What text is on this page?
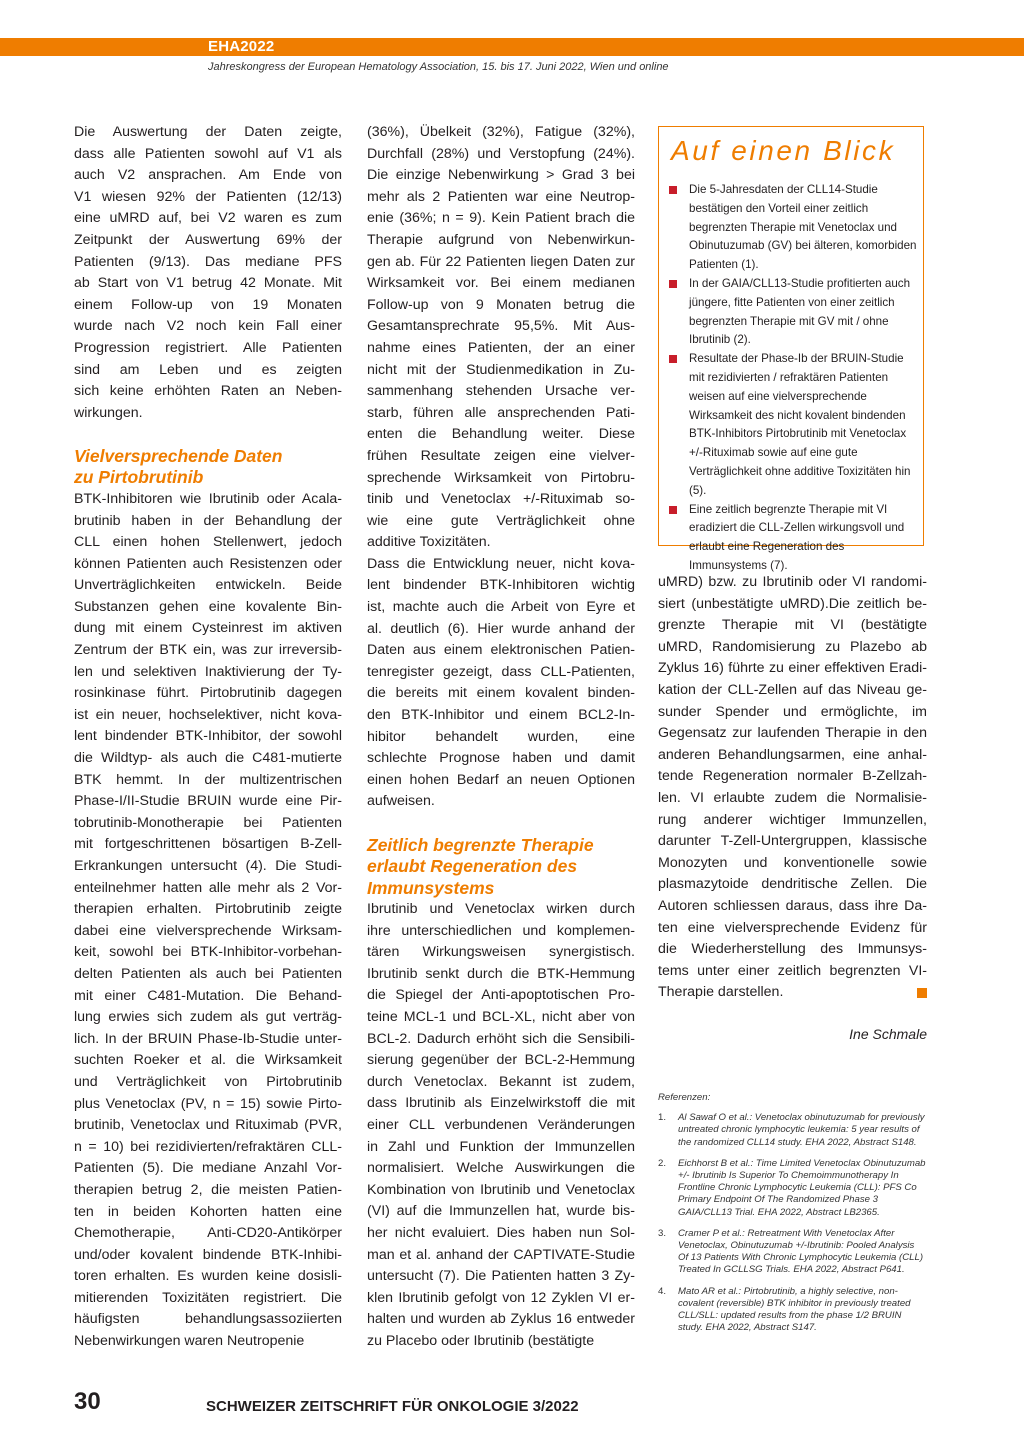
EHA2022
Jahreskongress der European Hematology Association, 15. bis 17. Juni 2022, Wien und online
Die Auswertung der Daten zeigte,
dass alle Patienten sowohl auf V1 als
auch V2 ansprachen. Am Ende von
V1 wiesen 92% der Patienten (12/13)
eine uMRD auf, bei V2 waren es zum
Zeitpunkt der Auswertung 69% der
Patienten (9/13). Das mediane PFS
ab Start von V1 betrug 42 Monate. Mit
einem Follow-up von 19 Monaten
wurde nach V2 noch kein Fall einer
Progression registriert. Alle Patienten
sind am Leben und es zeigten
sich keine erhöhten Raten an Neben-
wirkungen.

Vielversprechende Daten
zu Pirtobrutinib

BTK-Inhibitoren wie Ibrutinib oder Acala-
brutinib haben in der Behandlung der
CLL einen hohen Stellenwert, jedoch
können Patienten auch Resistenzen oder
Unverträglichkeiten entwickeln. Beide
Substanzen gehen eine kovalente Bin-
dung mit einem Cysteinrest im aktiven
Zentrum der BTK ein, was zur irreversib-
len und selektiven Inaktivierung der Ty-
rosinkinase führt. Pirtobrutinib dagegen
ist ein neuer, hochselektiver, nicht kova-
lent bindender BTK-Inhibitor, der sowohl
die Wildtyp- als auch die C481-mutierte
BTK hemmt. In der multizentrischen
Phase-I/II-Studie BRUIN wurde eine Pir-
tobrutinib-Monotherapie bei Patienten
mit fortgeschrittenen bösartigen B-Zell-
Erkrankungen untersucht (4). Die Studi-
enteilnehmer hatten alle mehr als 2 Vor-
therapien erhalten. Pirtobrutinib zeigte
dabei eine vielversprechende Wirksam-
keit, sowohl bei BTK-Inhibitor-vorbehan-
delten Patienten als auch bei Patienten
mit einer C481-Mutation. Die Behand-
lung erwies sich zudem als gut verträg-
lich. In der BRUIN Phase-Ib-Studie unter-
suchten Roeker et al. die Wirksamkeit
und Verträglichkeit von Pirtobrutinib
plus Venetoclax (PV, n = 15) sowie Pirto-
brutinib, Venetoclax und Rituximab (PVR,
n = 10) bei rezidivierten/refraktären CLL-
Patienten (5). Die mediane Anzahl Vor-
therapien betrug 2, die meisten Patien-
ten in beiden Kohorten hatten eine
Chemotherapie, Anti-CD20-Antikörper
und/oder kovalent bindende BTK-Inhibi-
toren erhalten. Es wurden keine dosisli-
mitierenden Toxizitäten registriert. Die
häufigsten behandlungsassoziierten
Nebenwirkungen waren Neutropenie
(36%), Übelkeit (32%), Fatigue (32%),
Durchfall (28%) und Verstopfung (24%).
Die einzige Nebenwirkung > Grad 3 bei
mehr als 2 Patienten war eine Neutrop-
enie (36%; n = 9). Kein Patient brach die
Therapie aufgrund von Nebenwirkun-
gen ab. Für 22 Patienten liegen Daten zur
Wirksamkeit vor. Bei einem medianen
Follow-up von 9 Monaten betrug die
Gesamtansprechrate 95,5%. Mit Aus-
nahme eines Patienten, der an einer
nicht mit der Studienmedikation in Zu-
sammenhang stehenden Ursache ver-
starb, führen alle ansprechenden Pati-
enten die Behandlung weiter. Diese
frühen Resultate zeigen eine vielver-
sprechende Wirksamkeit von Pirtobru-
tinib und Venetoclax +/-Rituximab so-
wie eine gute Verträglichkeit ohne
additive Toxizitäten.
Dass die Entwicklung neuer, nicht kova-
lent bindender BTK-Inhibitoren wichtig
ist, machte auch die Arbeit von Eyre et
al. deutlich (6). Hier wurde anhand der
Daten aus einem elektronischen Patien-
tenregister gezeigt, dass CLL-Patienten,
die bereits mit einem kovalent binden-
den BTK-Inhibitor und einem BCL2-In-
hibitor behandelt wurden, eine
schlechte Prognose haben und damit
einen hohen Bedarf an neuen Optionen
aufweisen.

Zeitlich begrenzte Therapie
erlaubt Regeneration des
Immunsystems

Ibrutinib und Venetoclax wirken durch
ihre unterschiedlichen und komplemen-
tären Wirkungsweisen synergistisch.
Ibrutinib senkt durch die BTK-Hemmung
die Spiegel der Anti-apoptotischen Pro-
teine MCL-1 und BCL-XL, nicht aber von
BCL-2. Dadurch erhöht sich die Sensibili-
sierung gegenüber der BCL-2-Hemmung
durch Venetoclax. Bekannt ist zudem,
dass Ibrutinib als Einzelwirkstoff die mit
einer CLL verbundenen Veränderungen
in Zahl und Funktion der Immunzellen
normalisiert. Welche Auswirkungen die
Kombination von Ibrutinib und Venetoclax
(VI) auf die Immunzellen hat, wurde bis-
her nicht evaluiert. Dies haben nun Sol-
man et al. anhand der CAPTIVATE-Studie
untersucht (7). Die Patienten hatten 3 Zy-
klen Ibrutinib gefolgt von 12 Zyklen VI er-
halten und wurden ab Zyklus 16 entweder
zu Placebo oder Ibrutinib (bestätigte
Auf einen Blick
Die 5-Jahresdaten der CLL14-Studie bestätigen den Vorteil einer zeitlich begrenzten Therapie mit Venetoclax und Obinutuzumab (GV) bei älteren, komorbiden Patienten (1).
In der GAIA/CLL13-Studie profitierten auch jüngere, fitte Patienten von einer zeitlich begrenzten Therapie mit GV mit / ohne Ibrutinib (2).
Resultate der Phase-Ib der BRUIN-Studie mit rezidivierten / refraktären Patienten weisen auf eine vielversprechende Wirksamkeit des nicht kovalent bindenden BTK-Inhibitors Pirtobrutinib mit Venetoclax +/-Rituximab sowie auf eine gute Verträglichkeit ohne additive Toxizitäten hin (5).
Eine zeitlich begrenzte Therapie mit VI eradiziert die CLL-Zellen wirkungsvoll und erlaubt eine Regeneration des Immunsystems (7).
uMRD) bzw. zu Ibrutinib oder VI randomi-
siert (unbestätigte uMRD).Die zeitlich be-
grenzte Therapie mit VI (bestätigte
uMRD, Randomisierung zu Plazebo ab
Zyklus 16) führte zu einer effektiven Eradi-
kation der CLL-Zellen auf das Niveau ge-
sunder Spender und ermöglichte, im
Gegensatz zur laufenden Therapie in den
anderen Behandlungsarmen, eine anhal-
tende Regeneration normaler B-Zellzah-
len. VI erlaubte zudem die Normalisie-
rung anderer wichtiger Immunzellen,
darunter T-Zell-Untergruppen, klassische
Monozyten und konventionelle sowie
plasmazytoide dendritische Zellen. Die
Autoren schliessen daraus, dass ihre Da-
ten eine vielversprechende Evidenz für
die Wiederherstellung des Immunsys-
tems unter einer zeitlich begrenzten VI-
Therapie darstellen.
Ine Schmale
Referenzen:
1. Al Sawaf O et al.: Venetoclax obinutuzumab for previously untreated chronic lymphocytic leukemia: 5 year results of the randomized CLL14 study. EHA 2022, Abstract S148.
2. Eichhorst B et al.: Time Limited Venetoclax Obinutuzumab +/- Ibrutinib Is Superior To Chemoimmunotherapy In Frontline Chronic Lymphocytic Leukemia (CLL): PFS Co Primary Endpoint Of The Randomized Phase 3 GAIA/CLL13 Trial. EHA 2022, Abstract LB2365.
3. Cramer P et al.: Retreatment With Venetoclax After Venetoclax, Obinutuzumab +/-Ibrutinib: Pooled Analysis Of 13 Patients With Chronic Lymphocytic Leukemia (CLL) Treated In GCLLSG Trials. EHA 2022, Abstract P641.
4. Mato AR et al.: Pirtobrutinib, a highly selective, non-covalent (reversible) BTK inhibitor in previously treated CLL/SLL: updated results from the phase 1/2 BRUIN study. EHA 2022, Abstract S147.
30	SCHWEIZER ZEITSCHRIFT FÜR ONKOLOGIE 3/2022
